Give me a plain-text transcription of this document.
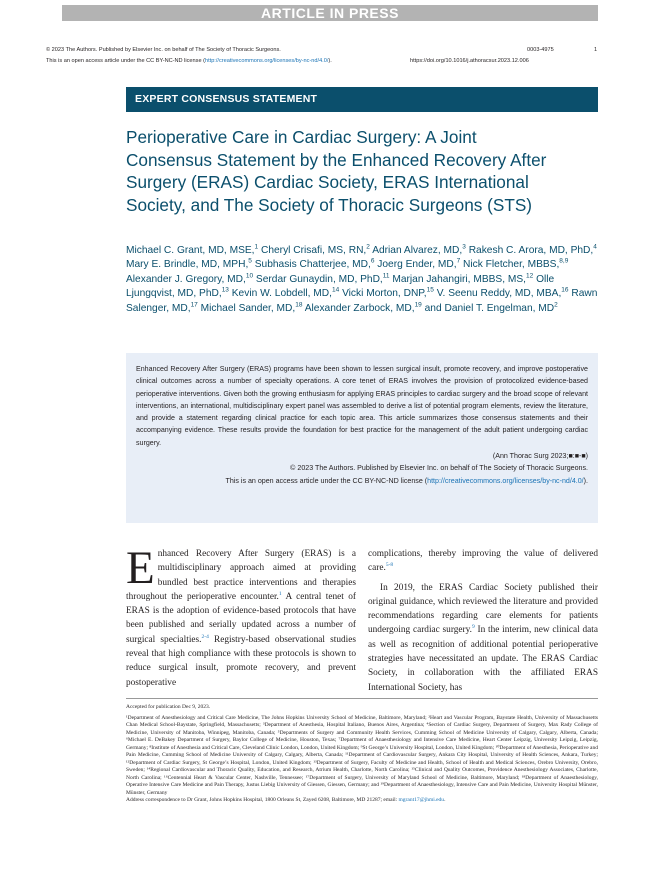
ARTICLE IN PRESS
© 2023 The Authors. Published by Elsevier Inc. on behalf of The Society of Thoracic Surgeons.
This is an open access article under the CC BY-NC-ND license (http://creativecommons.org/licenses/by-nc-nd/4.0/).
0003-4975	1
https://doi.org/10.1016/j.athoracsur.2023.12.006
EXPERT CONSENSUS STATEMENT
Perioperative Care in Cardiac Surgery: A Joint Consensus Statement by the Enhanced Recovery After Surgery (ERAS) Cardiac Society, ERAS International Society, and The Society of Thoracic Surgeons (STS)

Michael C. Grant, MD, MSE,$^1$ Cheryl Crisafi, MS, RN,$^2$ Adrian Alvarez, MD,$^3$ Rakesh C. Arora, MD, PhD,$^4$ Mary E. Brindle, MD, MPH,$^5$ Subhasis Chatterjee, MD,$^6$ Joerg Ender, MD,$^7$ Nick Fletcher, MBBS,$^{8,9}$ Alexander J. Gregory, MD,$^{10}$ Serdar Gunaydin, MD, PhD,$^{11}$ Marjan Jahangiri, MBBS, MS,$^{12}$ Olle Ljungqvist, MD, PhD,$^{13}$ Kevin W. Lobdell, MD,$^{14}$ Vicki Morton, DNP,$^{15}$ V. Seenu Reddy, MD, MBA,$^{16}$ Rawn Salenger, MD,$^{17}$ Michael Sander, MD,$^{18}$ Alexander Zarbock, MD,$^{19}$ and Daniel T. Engelman, $MD^2$

Enhanced Recovery After Surgery (ERAS) programs have been shown to lessen surgical insult, promote recovery, and improve postoperative clinical outcomes across a number of specialty operations. A core tenet of ERAS involves the provision of protocolized evidence-based perioperative interventions. Given both the growing enthusiasm for applying ERAS principles to cardiac surgery and the broad scope of relevant interventions, an international, multidisciplinary expert panel was assembled to derive a list of potential program elements, review the literature, and provide a statement regarding clinical practice for each topic area. This article summarizes those consensus statements and their accompanying evidence. These results provide the foundation for best practice for the management of the adult patient undergoing cardiac surgery.

(Ann Thorac Surg 2023;■:■-■)
© 2023 The Authors. Published by Elsevier Inc. on behalf of The Society of Thoracic Surgeons.
This is an open access article under the CC BY-NC-ND license (http://creativecommons.org/licenses/by-nc-nd/4.0/).

Enhanced Recovery After Surgery (ERAS) is a multidisciplinary approach aimed at providing bundled best practice interventions and therapies throughout the perioperative encounter.$^1$ A central tenet of ERAS is the adoption of evidence-based protocols that have been published and serially updated across a number of surgical specialties.$^{2-4}$ Registry-based observational studies reveal that high compliance with these protocols is shown to reduce surgical insult, promote recovery, and prevent postoperative

complications, thereby improving the value of delivered care.$^{5-8}$

In 2019, the ERAS Cardiac Society published their original guidance, which reviewed the literature and provided recommendations regarding care elements for patients undergoing cardiac surgery.$^9$ In the interim, new clinical data as well as recognition of additional potential perioperative strategies have necessitated an update. The ERAS Cardiac Society, in collaboration with the affiliated ERAS International Society, has

Accepted for publication Dec 9, 2023.

¹Department of Anesthesiology and Critical Care Medicine, The Johns Hopkins University School of Medicine, Baltimore, Maryland; ²Heart and Vascular Program, Baystate Health, University of Massachusetts Chan Medical School-Baystate, Springfield, Massachusetts; ³Department of Anesthesia, Hospital Italiano, Buenos Aires, Argentina; ⁴Section of Cardiac Surgery, Department of Surgery, Max Rady College of Medicine, University of Manitoba, Winnipeg, Manitoba, Canada; ⁵Departments of Surgery and Community Health Services, Cumming School of Medicine University of Calgary, Calgary, Alberta, Canada; ⁶Michael E. DeBakey Department of Surgery, Baylor College of Medicine, Houston, Texas; ⁷Department of Anaesthesiology and Intensive Care Medicine, Heart Center Leipzig, University Leipzig, Leipzig, Germany; ⁸Institute of Anesthesia and Critical Care, Cleveland Clinic London, London, United Kingdom; ⁹St George’s University Hospital, London, United Kingdom; ¹⁰Department of Anesthesia, Perioperative and Pain Medicine, Cumming School of Medicine University of Calgary, Calgary, Alberta, Canada; ¹¹Department of Cardiovascular Surgery, Ankara City Hospital, University of Health Sciences, Ankara, Turkey; ¹²Department of Cardiac Surgery, St George’s Hospital, London, United Kingdom; ¹³Department of Surgery, Faculty of Medicine and Health, School of Health and Medical Sciences, Orebro University, Orebro, Sweden; ¹⁴Regional Cardiovascular and Thoracic Quality, Education, and Research, Atrium Health, Charlotte, North Carolina; ¹⁵Clinical and Quality Outcomes, Providence Anesthesiology Associates, Charlotte, North Carolina; ¹⁶Centennial Heart & Vascular Center, Nashville, Tennessee; ¹⁷Department of Surgery, University of Maryland School of Medicine, Baltimore, Maryland; ¹⁸Department of Anaesthesiology, Operative Intensive Care Medicine and Pain Therapy, Justus Liebig University of Giessen, Giessen, Germany; and ¹⁹Department of Anaesthesiology, Intensive Care and Pain Medicine, University Hospital Münster, Münster, Germany

Address correspondence to Dr Grant, Johns Hopkins Hospital, 1800 Orleans St, Zayed 6208, Baltimore, MD 21287; email: mgrant17@jhmi.edu.
